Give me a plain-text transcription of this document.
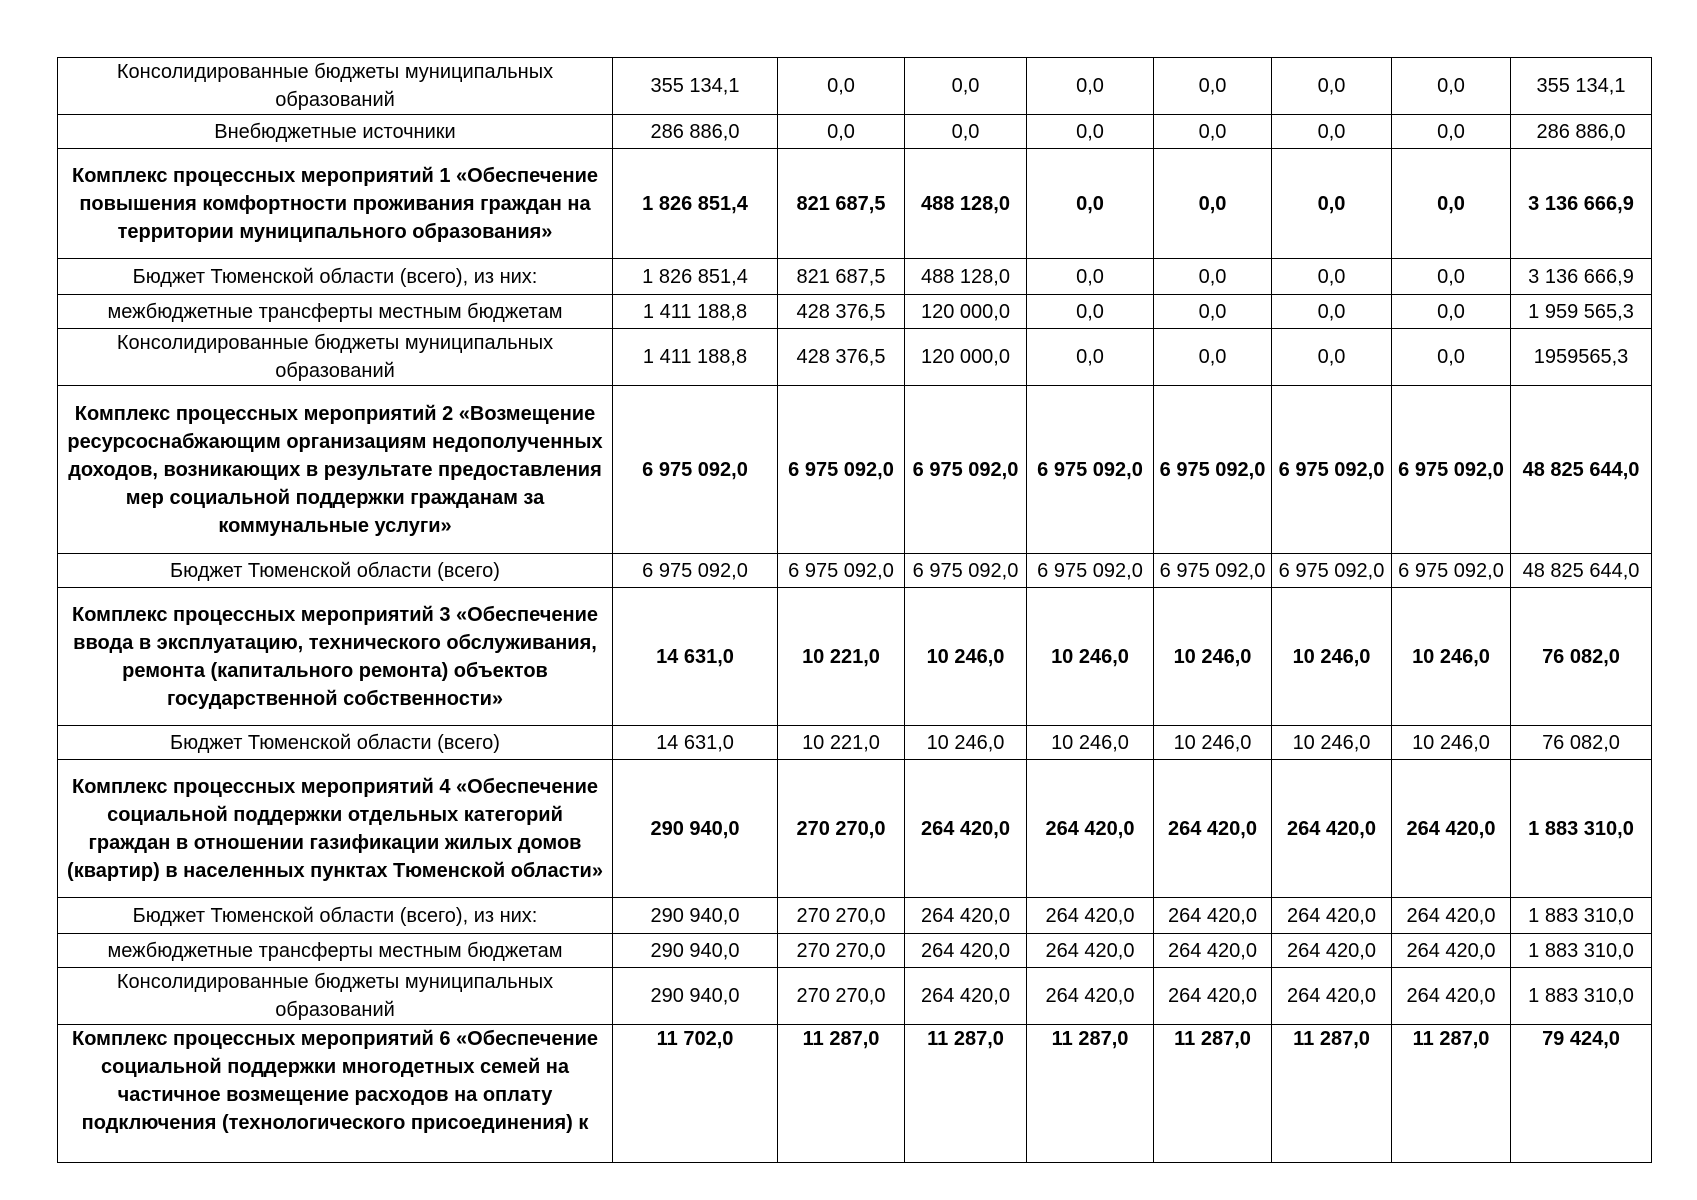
Консолидированные бюджеты муниципальных образований	355 134,1	0,0	0,0	0,0	0,0	0,0	0,0	355 134,1
Внебюджетные источники	286 886,0	0,0	0,0	0,0	0,0	0,0	0,0	286 886,0
Комплекс процессных мероприятий 1 «Обеспечение повышения комфортности проживания граждан на территории муниципального образования»	1 826 851,4	821 687,5	488 128,0	0,0	0,0	0,0	0,0	3 136 666,9
Бюджет Тюменской области (всего), из них:	1 826 851,4	821 687,5	488 128,0	0,0	0,0	0,0	0,0	3 136 666,9
межбюджетные трансферты местным бюджетам	1 411 188,8	428 376,5	120 000,0	0,0	0,0	0,0	0,0	1 959 565,3
Консолидированные бюджеты муниципальных образований	1 411 188,8	428 376,5	120 000,0	0,0	0,0	0,0	0,0	1959565,3
Комплекс процессных мероприятий 2 «Возмещение ресурсоснабжающим организациям недополученных доходов, возникающих в результате предоставления мер социальной поддержки гражданам за коммунальные услуги»	6 975 092,0	6 975 092,0	6 975 092,0	6 975 092,0	6 975 092,0	6 975 092,0	6 975 092,0	48 825 644,0
Бюджет Тюменской области (всего)	6 975 092,0	6 975 092,0	6 975 092,0	6 975 092,0	6 975 092,0	6 975 092,0	6 975 092,0	48 825 644,0
Комплекс процессных мероприятий 3 «Обеспечение ввода в эксплуатацию, технического обслуживания, ремонта (капитального ремонта) объектов государственной собственности»	14 631,0	10 221,0	10 246,0	10 246,0	10 246,0	10 246,0	10 246,0	76 082,0
Бюджет Тюменской области (всего)	14 631,0	10 221,0	10 246,0	10 246,0	10 246,0	10 246,0	10 246,0	76 082,0
Комплекс процессных мероприятий 4 «Обеспечение социальной поддержки отдельных категорий граждан в отношении газификации жилых домов (квартир) в населенных пунктах Тюменской области»	290 940,0	270 270,0	264 420,0	264 420,0	264 420,0	264 420,0	264 420,0	1 883 310,0
Бюджет Тюменской области (всего), из них:	290 940,0	270 270,0	264 420,0	264 420,0	264 420,0	264 420,0	264 420,0	1 883 310,0
межбюджетные трансферты местным бюджетам	290 940,0	270 270,0	264 420,0	264 420,0	264 420,0	264 420,0	264 420,0	1 883 310,0
Консолидированные бюджеты муниципальных образований	290 940,0	270 270,0	264 420,0	264 420,0	264 420,0	264 420,0	264 420,0	1 883 310,0
Комплекс процессных мероприятий 6 «Обеспечение социальной поддержки многодетных семей на частичное возмещение расходов на оплату подключения (технологического присоединения) к	11 702,0	11 287,0	11 287,0	11 287,0	11 287,0	11 287,0	11 287,0	79 424,0
